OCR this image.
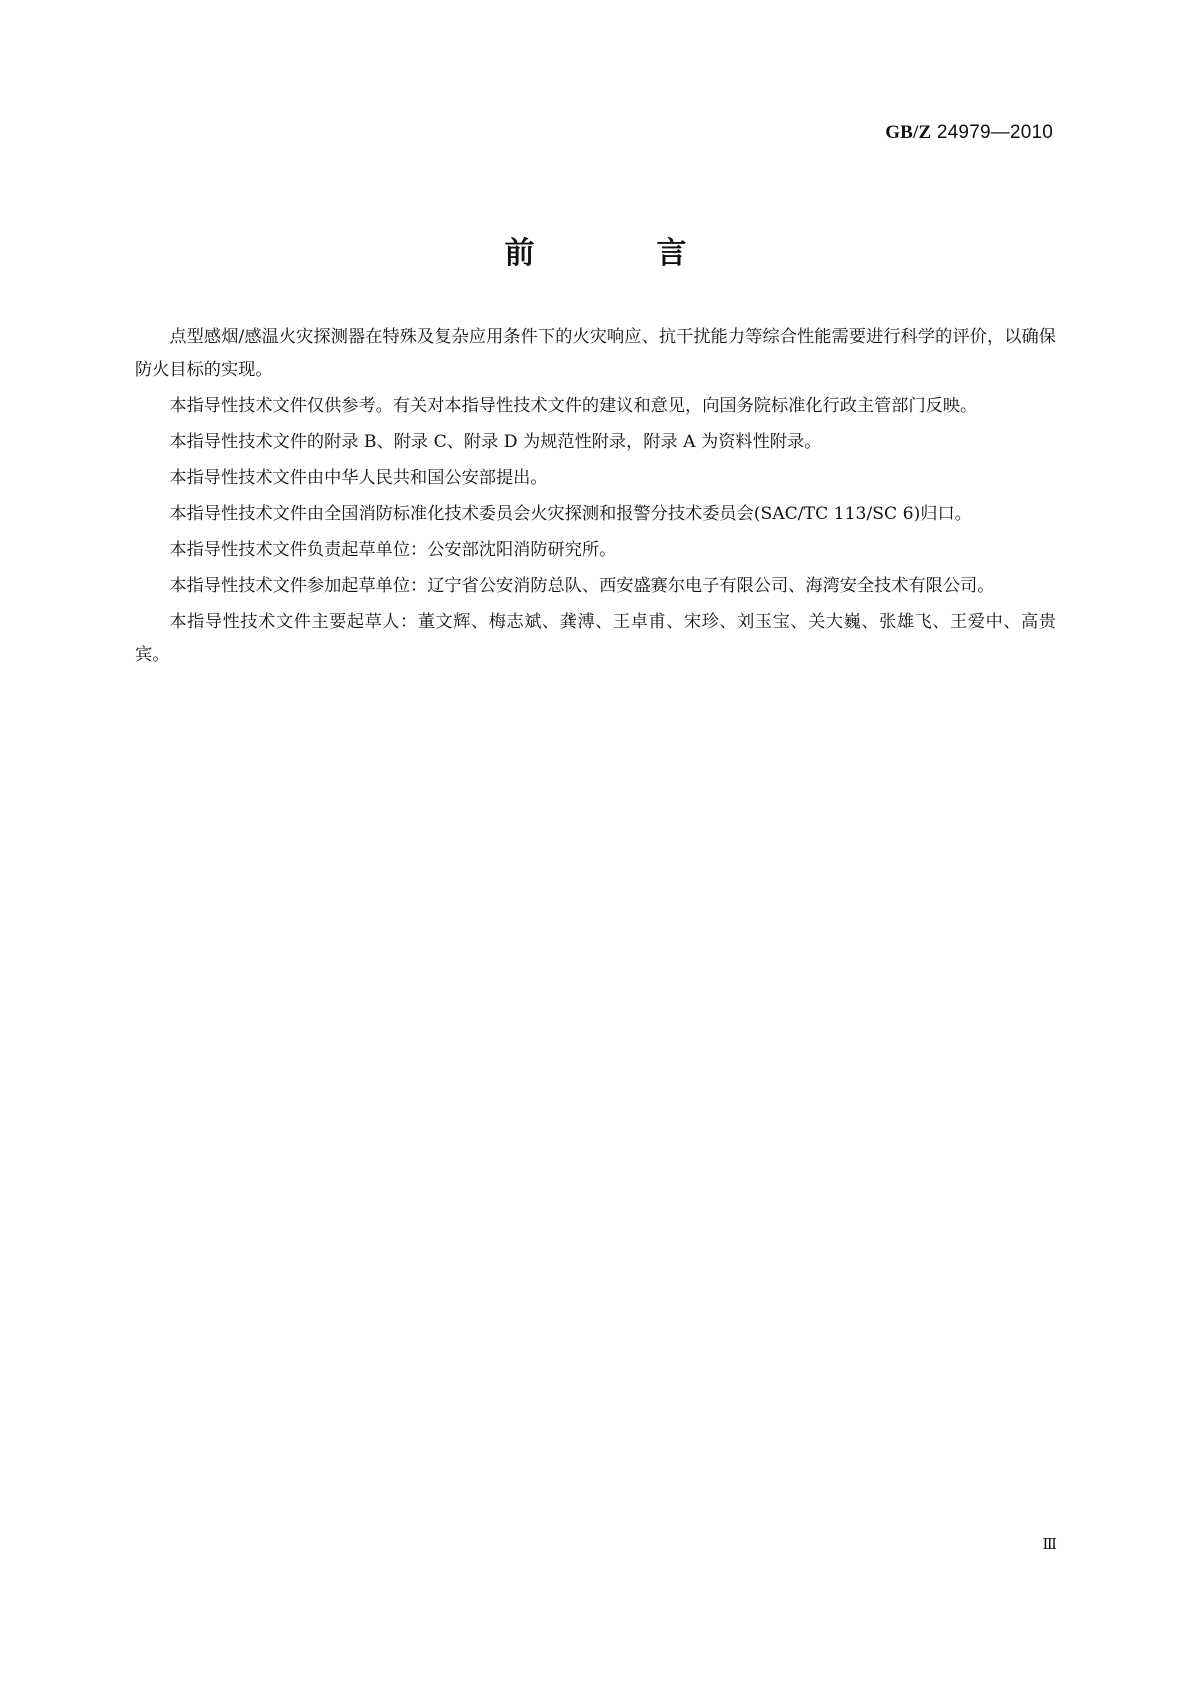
GB/Z 24979—2010
前　言

点型感烟/感温火灾探测器在特殊及复杂应用条件下的火灾响应、抗干扰能力等综合性能需要进行科学的评价，以确保防火目标的实现。

本指导性技术文件仅供参考。有关对本指导性技术文件的建议和意见，向国务院标准化行政主管部门反映。

本指导性技术文件的附录 B、附录 C、附录 D 为规范性附录，附录 A 为资料性附录。

本指导性技术文件由中华人民共和国公安部提出。

本指导性技术文件由全国消防标准化技术委员会火灾探测和报警分技术委员会(SAC/TC 113/SC 6)归口。

本指导性技术文件负责起草单位：公安部沈阳消防研究所。

本指导性技术文件参加起草单位：辽宁省公安消防总队、西安盛赛尔电子有限公司、海湾安全技术有限公司。

本指导性技术文件主要起草人：董文辉、梅志斌、龚溥、王卓甫、宋珍、刘玉宝、关大巍、张雄飞、王爱中、高贵宾。

Ⅲ
